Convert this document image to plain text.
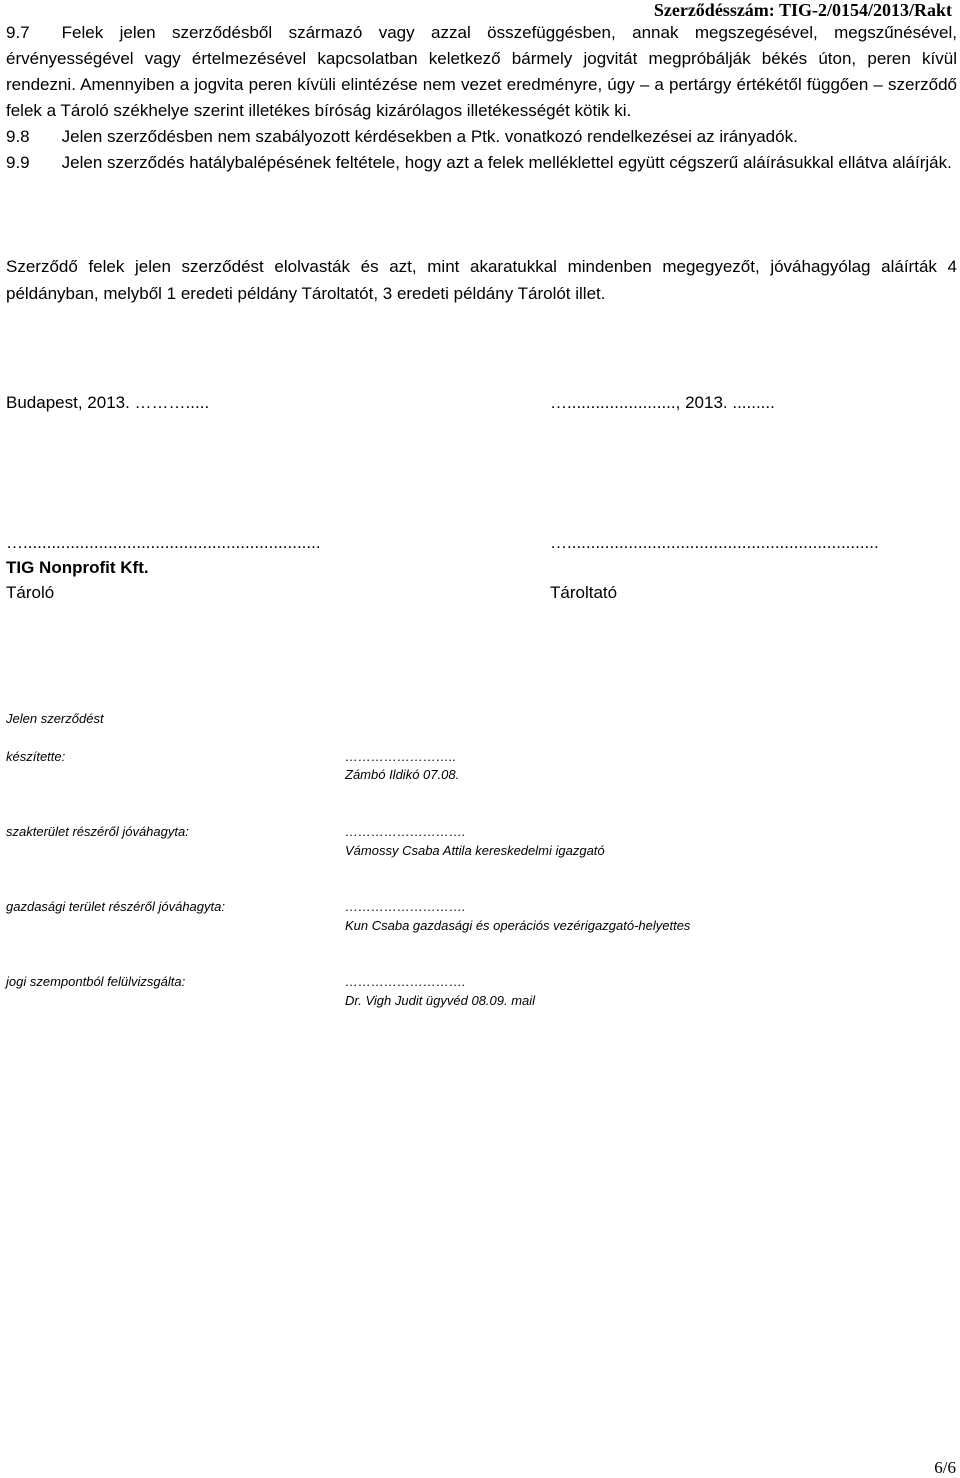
Szerződésszám: TIG-2/0154/2013/Rakt

9.7 Felek jelen szerződésből származó vagy azzal összefüggésben, annak megszegésével, megszűnésével, érvényességével vagy értelmezésével kapcsolatban keletkező bármely jogvitát megpróbálják békés úton, peren kívül rendezni. Amennyiben a jogvita peren kívüli elintézése nem vezet eredményre, úgy – a pertárgy értékétől függően – szerződő felek a Tároló székhelye szerint illetékes bíróság kizárólagos illetékességét kötik ki.

9.8 Jelen szerződésben nem szabályozott kérdésekben a Ptk. vonatkozó rendelkezései az irányadók.

9.9 Jelen szerződés hatálybalépésének feltétele, hogy azt a felek melléklettel együtt cégszerű aláírásukkal ellátva aláírják.

Szerződő felek jelen szerződést elolvasták és azt, mint akaratukkal mindenben megegyezőt, jóváhagyólag aláírták 4 példányban, melyből 1 eredeti példány Tároltatót, 3 eredeti példány Tárolót illet.
Budapest, 2013. ……….....	…......................., 2013. .........
…...............................................................
TIG Nonprofit Kft.
Tároló
…..................................................................
Tároltató
Jelen szerződést
készítette:	……………………..
Zámbó Ildikó 07.08.
szakterület részéről jóváhagyta:	……………………….
Vámossy Csaba Attila kereskedelmi igazgató
gazdasági terület részéről jóváhagyta:	……………………….
Kun Csaba gazdasági és operációs vezérigazgató-helyettes
jogi szempontból felülvizsgálta:	……………………….
Dr. Vigh Judit ügyvéd 08.09. mail
6/6
